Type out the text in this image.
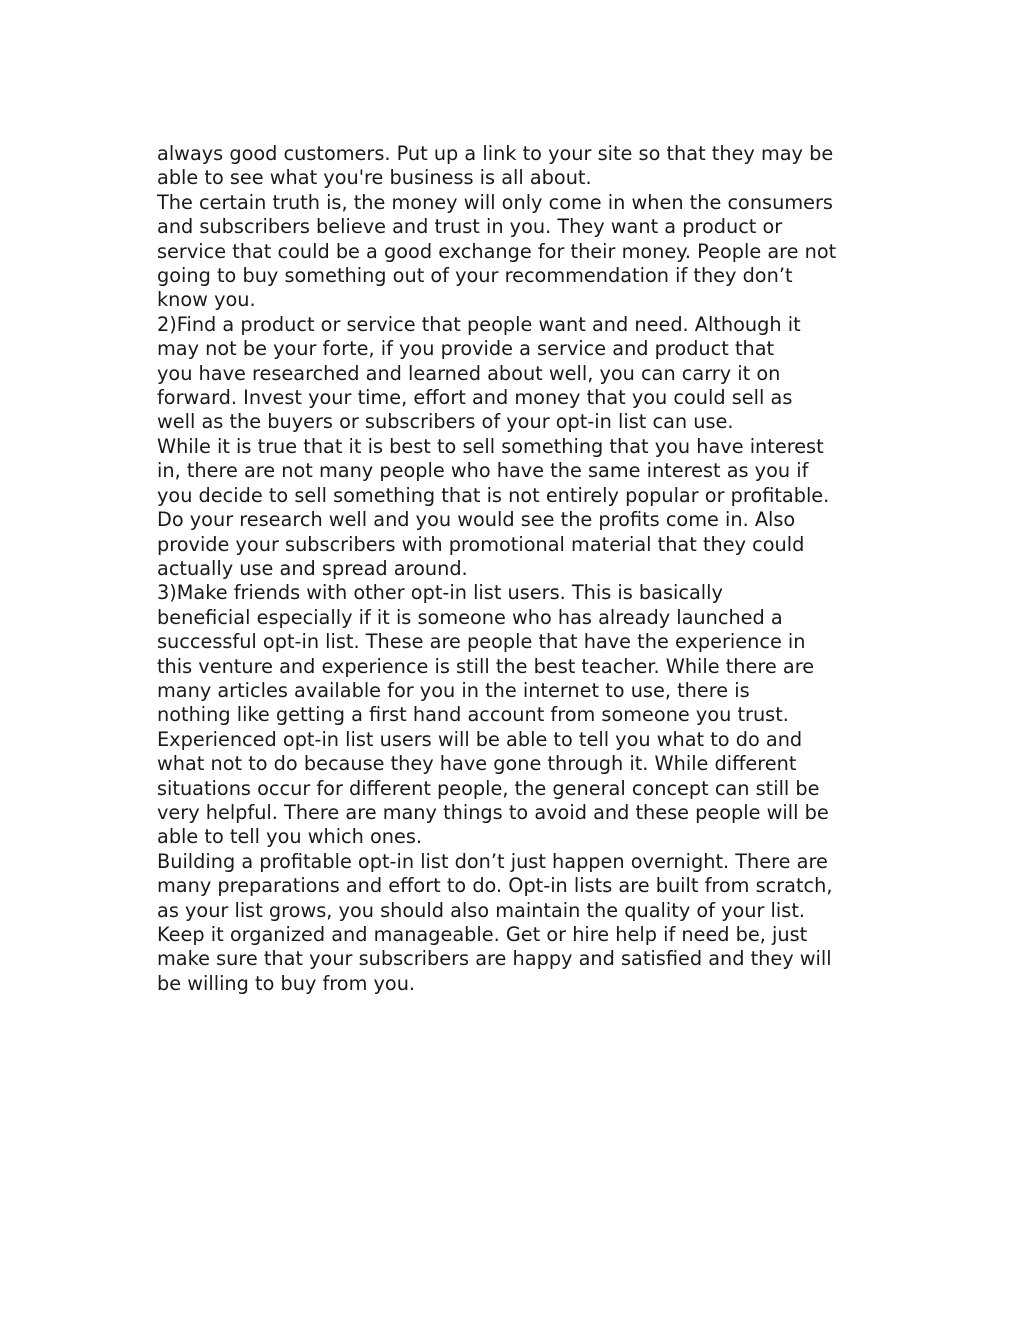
always good customers. Put up a link to your site so that they may be
able to see what you're business is all about.

The certain truth is, the money will only come in when the consumers
and subscribers believe and trust in you. They want a product or
service that could be a good exchange for their money. People are not
going to buy something out of your recommendation if they don’t
know you.

2)Find a product or service that people want and need. Although it
may not be your forte, if you provide a service and product that
you have researched and learned about well, you can carry it on
forward. Invest your time, effort and money that you could sell as
well as the buyers or subscribers of your opt-in list can use.

While it is true that it is best to sell something that you have interest
in, there are not many people who have the same interest as you if
you decide to sell something that is not entirely popular or profitable.
Do your research well and you would see the profits come in. Also
provide your subscribers with promotional material that they could
actually use and spread around.

3)Make friends with other opt-in list users. This is basically
beneficial especially if it is someone who has already launched a
successful opt-in list. These are people that have the experience in
this venture and experience is still the best teacher. While there are
many articles available for you in the internet to use, there is
nothing like getting a first hand account from someone you trust.

Experienced opt-in list users will be able to tell you what to do and
what not to do because they have gone through it. While different
situations occur for different people, the general concept can still be
very helpful. There are many things to avoid and these people will be
able to tell you which ones.

Building a profitable opt-in list don’t just happen overnight. There are
many preparations and effort to do. Opt-in lists are built from scratch,
as your list grows, you should also maintain the quality of your list.
Keep it organized and manageable. Get or hire help if need be, just
make sure that your subscribers are happy and satisfied and they will
be willing to buy from you.
